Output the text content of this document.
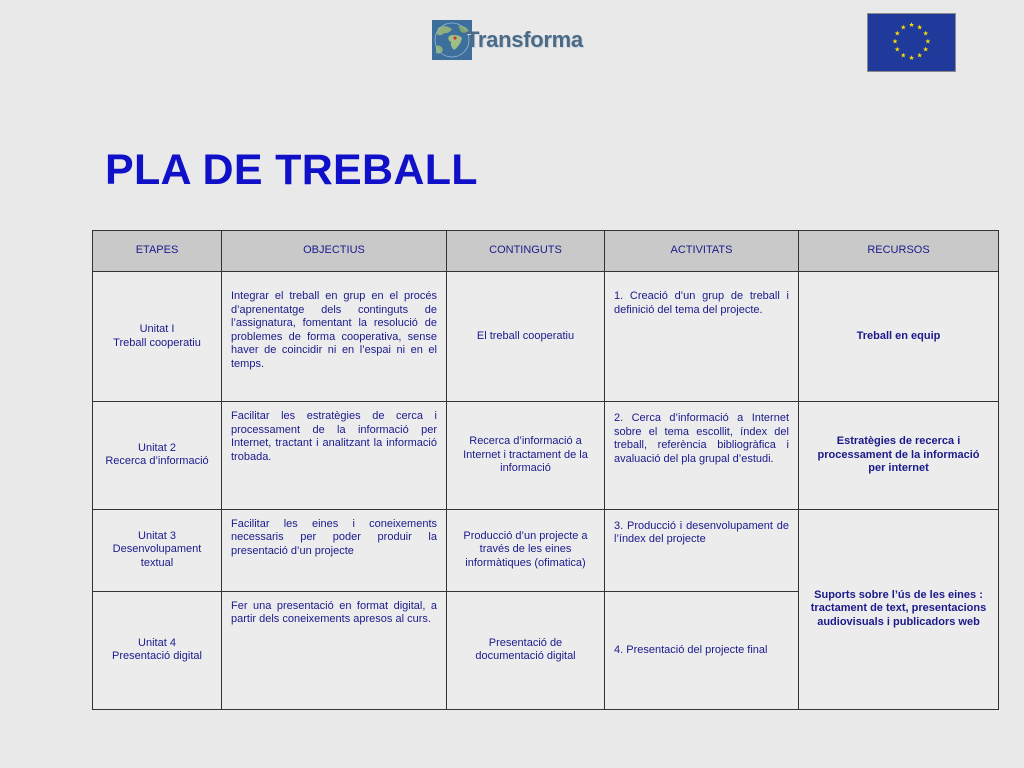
Transforma
★ ★
★
★
★
★
★
★
★
★
★
★
PLA DE TREBALL
ETAPES	OBJECTIUS	CONTINGUTS	ACTIVITATS	RECURSOS

Unitat I
Treball cooperatiu	Integrar el treball en grup en el procés d’aprenentatge dels continguts de l’assignatura, fomentant la resolució de problemes de forma cooperativa, sense haver de coincidir ni en l’espai ni en el temps.	El treball cooperatiu	1. Creació d’un grup de treball i definició del tema del projecte.	Treball en equip

Unitat 2
Recerca d’informació	Facilitar les estratègies de cerca i processament de la informació per Internet, tractant i analitzant la informació trobada.	Recerca d’informació a Internet i tractament de la informació	2. Cerca d’informació a Internet sobre el tema escollit, índex del treball, referència bibliogràfica i avaluació del pla grupal d’estudi.	Estratègies de recerca i processament de la informació per internet

Unitat 3
Desenvolupament textual	Facilitar les eines i coneixements necessaris per poder produir la presentació d’un projecte	Producció d’un projecte a través de les eines informàtiques (ofimatica)	3. Producció i desenvolupament de l’índex del projecte	Suports sobre l’ús de les eines : tractament de text, presentacions audiovisuals i publicadors web

Unitat 4
Presentació digital	Fer una presentació en format digital, a partir dels coneixements apresos al curs.	Presentació de documentació digital	4. Presentació del projecte final	
